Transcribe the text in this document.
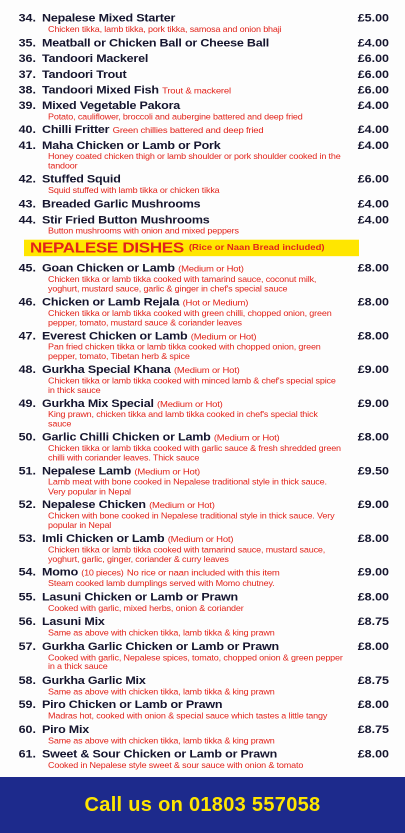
£5.00
34. Nepalese Mixed Starter
Chicken tikka, lamb tikka, pork tikka, samosa and onion bhaji
£4.00
35. Meatball or Chicken Ball or Cheese Ball
£6.00
36. Tandoori Mackerel
£6.00
37. Tandoori Trout
£6.00
38. Tandoori Mixed Fish Trout & mackerel
£4.00
39. Mixed Vegetable Pakora
Potato, cauliflower, broccoli and aubergine battered and deep fried
£4.00
40. Chilli Fritter Green chillies battered and deep fried
£4.00
41. Maha Chicken or Lamb or Pork
Honey coated chicken thigh or lamb shoulder or pork shoulder cooked in the tandoor
£6.00
42. Stuffed Squid
Squid stuffed with lamb tikka or chicken tikka
£4.00
43. Breaded Garlic Mushrooms
£4.00
44. Stir Fried Button Mushrooms
Button mushrooms with onion and mixed peppers
NEPALESE DISHES (Rice or Naan Bread included)
£8.00
45. Goan Chicken or Lamb (Medium or Hot)
Chicken tikka or lamb tikka cooked with tamarind sauce, coconut milk, yoghurt, mustard sauce, garlic & ginger in chef's special sauce
£8.00
46. Chicken or Lamb Rejala (Hot or Medium)
Chicken tikka or lamb tikka cooked with green chilli, chopped onion, green pepper, tomato, mustard sauce & coriander leaves
£8.00
47. Everest Chicken or Lamb (Medium or Hot)
Pan fried chicken tikka or lamb tikka cooked with chopped onion, green pepper, tomato, Tibetan herb & spice
£9.00
48. Gurkha Special Khana (Medium or Hot)
Chicken tikka or lamb tikka cooked with minced lamb & chef's special spice in thick sauce
£9.00
49. Gurkha Mix Special (Medium or Hot)
King prawn, chicken tikka and lamb tikka cooked in chef's special thick sauce
£8.00
50. Garlic Chilli Chicken or Lamb (Medium or Hot)
Chicken tikka or lamb tikka cooked with garlic sauce & fresh shredded green chilli with coriander leaves. Thick sauce
£9.50
51. Nepalese Lamb (Medium or Hot)
Lamb meat with bone cooked in Nepalese traditional style in thick sauce. Very popular in Nepal
£9.00
52. Nepalese Chicken (Medium or Hot)
Chicken with bone cooked in Nepalese traditional style in thick sauce. Very popular in Nepal
£8.00
53. Imli Chicken or Lamb (Medium or Hot)
Chicken tikka or lamb tikka cooked with tamarind sauce, mustard sauce, yoghurt, garlic, ginger, coriander & curry leaves
£9.00
54. Momo (10 pieces) No rice or naan included with this item
Steam cooked lamb dumplings served with Momo chutney.
£8.00
55. Lasuni Chicken or Lamb or Prawn
Cooked with garlic, mixed herbs, onion & coriander
£8.75
56. Lasuni Mix
Same as above with chicken tikka, lamb tikka & king prawn
£8.00
57. Gurkha Garlic Chicken or Lamb or Prawn
Cooked with garlic, Nepalese spices, tomato, chopped onion & green pepper in a thick sauce
£8.75
58. Gurkha Garlic Mix
Same as above with chicken tikka, lamb tikka & king prawn
£8.00
59. Piro Chicken or Lamb or Prawn
Madras hot, cooked with onion & special sauce which tastes a little tangy
£8.75
60. Piro Mix
Same as above with chicken tikka, lamb tikka & king prawn
£8.00
61. Sweet & Sour Chicken or Lamb or Prawn
Cooked in Nepalese style sweet & sour sauce with onion & tomato
Call us on 01803 557058
